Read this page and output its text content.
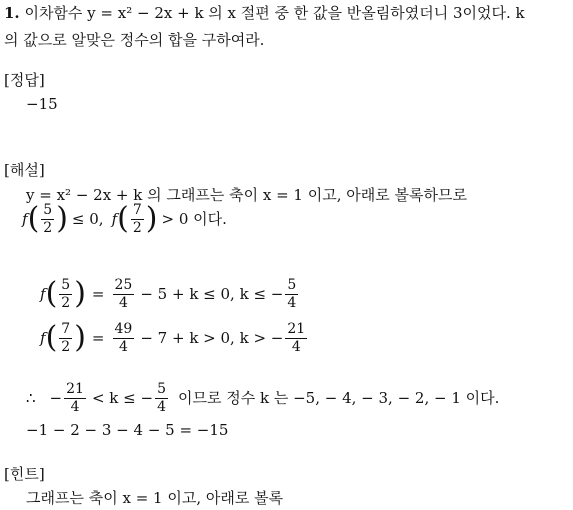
1. 이차함수 y = x² − 2x + k 의 x 절편 중 한 값을 반올림하였더니 3이었다. k
의 값으로 알맞은 정수의 합을 구하여라.
[정답]
−15
[해설]
y = x² − 2x + k 의 그래프는 축이 x = 1 이고, 아래로 볼록하므로
f ( $\frac{5}{2}$ ) ≤ 0, f ( $\frac{7}{2}$ ) > 0 이다.
f ( $\frac{5}{2}$ ) = $\frac{25}{4} - 5 + k \le 0$, k ≤ − $\frac{5}{4}$
f ( $\frac{7}{2}$ ) = $\frac{49}{4} - 7 + k > 0$, k > − $\frac{21}{4}$
∴ − $\frac{21}{4} < k$ ≤ − $\frac{5}{4}$ 이므로 정수 k 는 −5, − 4, − 3, − 2, − 1 이다.
−1 − 2 − 3 − 4 − 5 = −15
[힌트]
그래프는 축이 x = 1 이고, 아래로 볼록
